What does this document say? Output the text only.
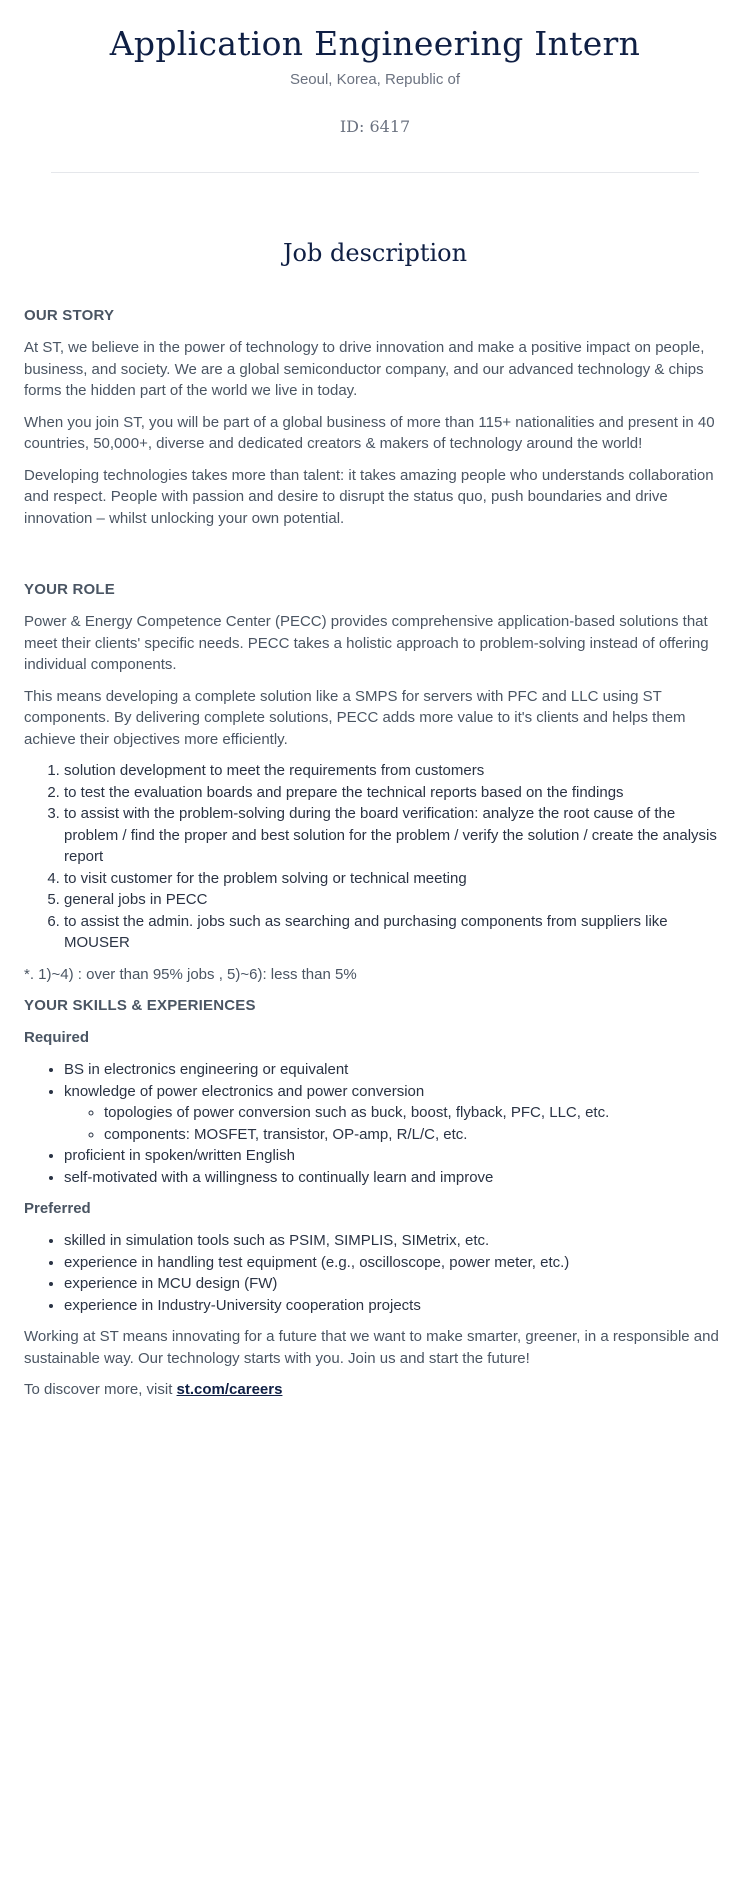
Application Engineering Intern
Seoul, Korea, Republic of
ID: 6417
Job description
OUR STORY

At ST, we believe in the power of technology to drive innovation and make a positive impact on people, business, and society. We are a global semiconductor company, and our advanced technology & chips forms the hidden part of the world we live in today.

When you join ST, you will be part of a global business of more than 115+ nationalities and present in 40 countries, 50,000+, diverse and dedicated creators & makers of technology around the world!

Developing technologies takes more than talent: it takes amazing people who understands collaboration and respect. People with passion and desire to disrupt the status quo, push boundaries and drive innovation – whilst unlocking your own potential.

YOUR ROLE

Power & Energy Competence Center (PECC) provides comprehensive application-based solutions that meet their clients' specific needs. PECC takes a holistic approach to problem-solving instead of offering individual components.

This means developing a complete solution like a SMPS for servers with PFC and LLC using ST components. By delivering complete solutions, PECC adds more value to it's clients and helps them achieve their objectives more efficiently.

1. solution development to meet the requirements from customers
2. to test the evaluation boards and prepare the technical reports based on the findings
3. to assist with the problem-solving during the board verification: analyze the root cause of the problem / find the proper and best solution for the problem / verify the solution / create the analysis report
4. to visit customer for the problem solving or technical meeting
5. general jobs in PECC
6. to assist the admin. jobs such as searching and purchasing components from suppliers like MOUSER

*. 1)~4) : over than 95% jobs , 5)~6): less than 5%

YOUR SKILLS & EXPERIENCES
Required
• BS in electronics engineering or equivalent
• knowledge of power electronics and power conversion
◦ topologies of power conversion such as buck, boost, flyback, PFC, LLC, etc.
◦ components: MOSFET, transistor, OP-amp, R/L/C, etc.
• proficient in spoken/written English
• self-motivated with a willingness to continually learn and improve
Preferred
• skilled in simulation tools such as PSIM, SIMPLIS, SIMetrix, etc.
• experience in handling test equipment (e.g., oscilloscope, power meter, etc.)
• experience in MCU design (FW)
• experience in Industry-University cooperation projects

Working at ST means innovating for a future that we want to make smarter, greener, in a responsible and sustainable way. Our technology starts with you. Join us and start the future!

To discover more, visit st.com/careers
